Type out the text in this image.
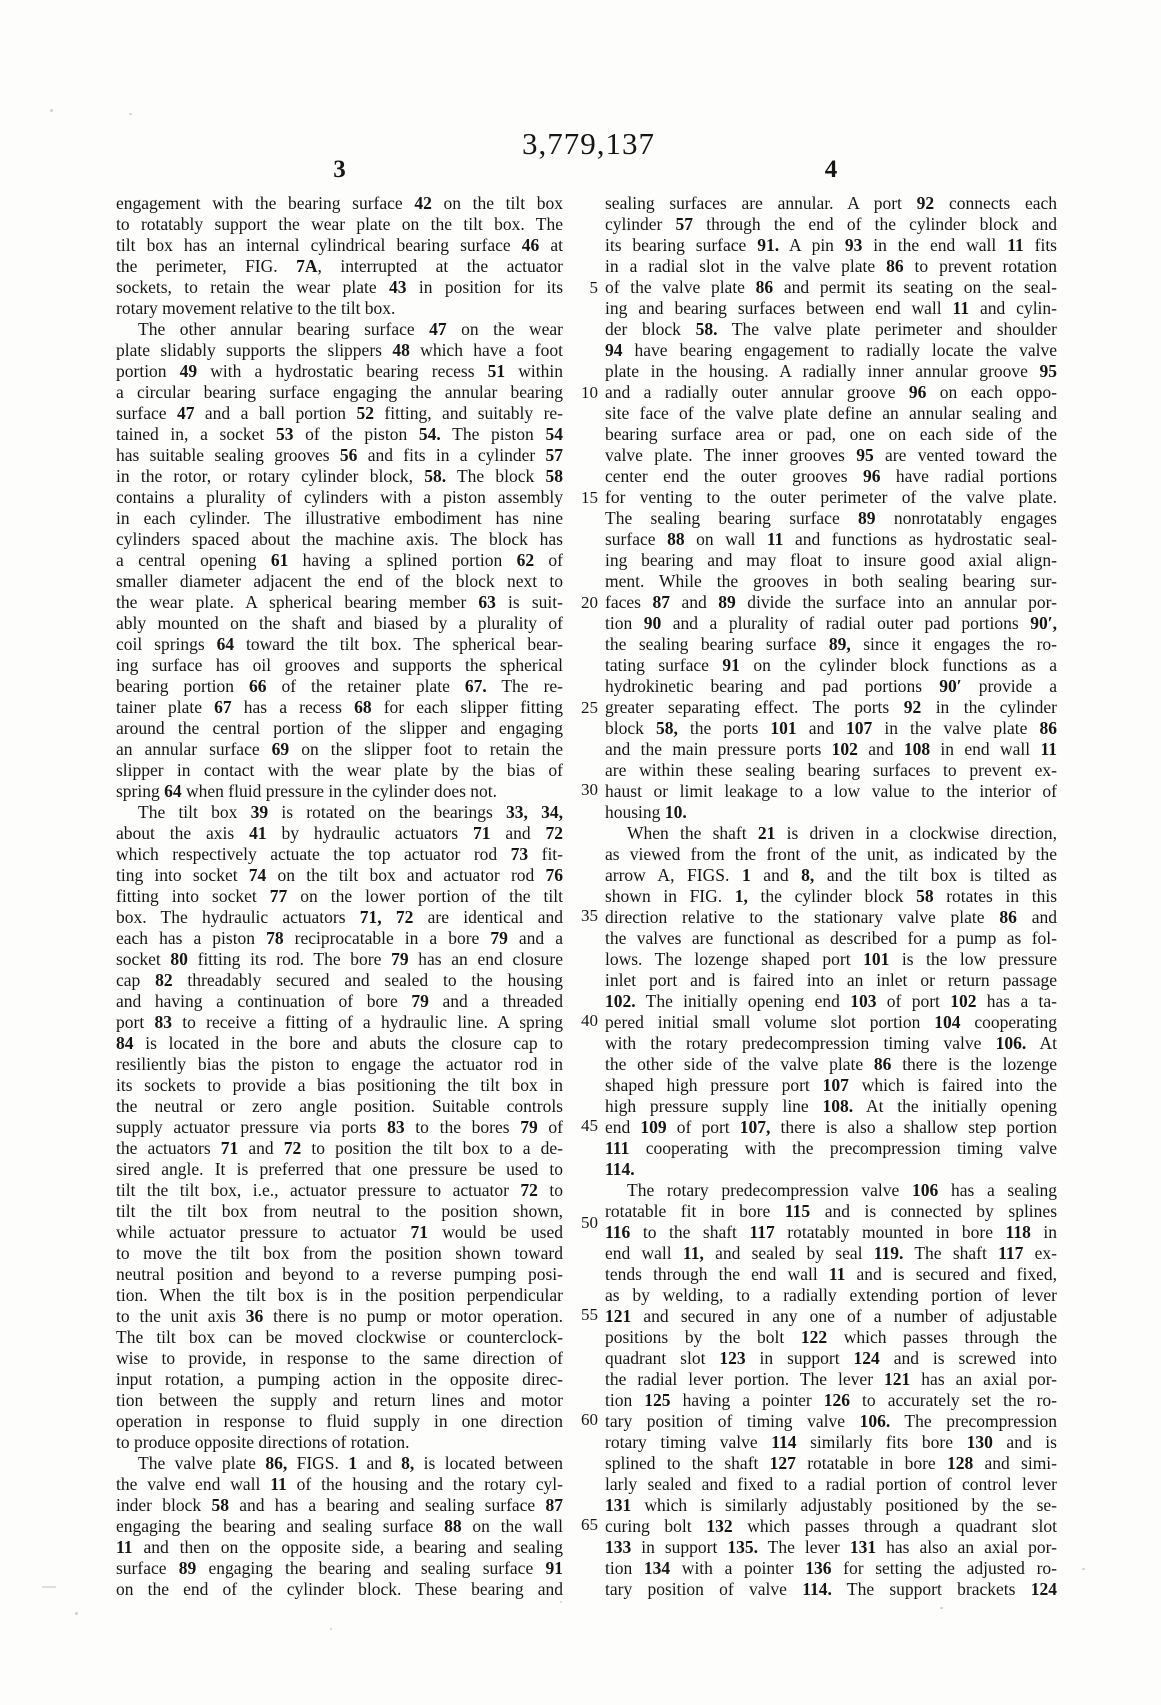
3,779,137
3	4
engagement with the bearing surface 42 on the tilt box
to rotatably support the wear plate on the tilt box. The
tilt box has an internal cylindrical bearing surface 46 at
the perimeter, FIG. 7A, interrupted at the actuator
sockets, to retain the wear plate 43 in position for its
rotary movement relative to the tilt box.
The other annular bearing surface 47 on the wear
plate slidably supports the slippers 48 which have a foot
portion 49 with a hydrostatic bearing recess 51 within
a circular bearing surface engaging the annular bearing
surface 47 and a ball portion 52 fitting, and suitably re-
tained in, a socket 53 of the piston 54. The piston 54
has suitable sealing grooves 56 and fits in a cylinder 57
in the rotor, or rotary cylinder block, 58. The block 58
contains a plurality of cylinders with a piston assembly
in each cylinder. The illustrative embodiment has nine
cylinders spaced about the machine axis. The block has
a central opening 61 having a splined portion 62 of
smaller diameter adjacent the end of the block next to
the wear plate. A spherical bearing member 63 is suit-
ably mounted on the shaft and biased by a plurality of
coil springs 64 toward the tilt box. The spherical bear-
ing surface has oil grooves and supports the spherical
bearing portion 66 of the retainer plate 67. The re-
tainer plate 67 has a recess 68 for each slipper fitting
around the central portion of the slipper and engaging
an annular surface 69 on the slipper foot to retain the
slipper in contact with the wear plate by the bias of
spring 64 when fluid pressure in the cylinder does not.
The tilt box 39 is rotated on the bearings 33, 34,
about the axis 41 by hydraulic actuators 71 and 72
which respectively actuate the top actuator rod 73 fit-
ting into socket 74 on the tilt box and actuator rod 76
fitting into socket 77 on the lower portion of the tilt
box. The hydraulic actuators 71, 72 are identical and
each has a piston 78 reciprocatable in a bore 79 and a
socket 80 fitting its rod. The bore 79 has an end closure
cap 82 threadably secured and sealed to the housing
and having a continuation of bore 79 and a threaded
port 83 to receive a fitting of a hydraulic line. A spring
84 is located in the bore and abuts the closure cap to
resiliently bias the piston to engage the actuator rod in
its sockets to provide a bias positioning the tilt box in
the neutral or zero angle position. Suitable controls
supply actuator pressure via ports 83 to the bores 79 of
the actuators 71 and 72 to position the tilt box to a de-
sired angle. It is preferred that one pressure be used to
tilt the tilt box, i.e., actuator pressure to actuator 72 to
tilt the tilt box from neutral to the position shown,
while actuator pressure to actuator 71 would be used
to move the tilt box from the position shown toward
neutral position and beyond to a reverse pumping posi-
tion. When the tilt box is in the position perpendicular
to the unit axis 36 there is no pump or motor operation.
The tilt box can be moved clockwise or counterclock-
wise to provide, in response to the same direction of
input rotation, a pumping action in the opposite direc-
tion between the supply and return lines and motor
operation in response to fluid supply in one direction
to produce opposite directions of rotation.
The valve plate 86, FIGS. 1 and 8, is located between
the valve end wall 11 of the housing and the rotary cyl-
inder block 58 and has a bearing and sealing surface 87
engaging the bearing and sealing surface 88 on the wall
11 and then on the opposite side, a bearing and sealing
surface 89 engaging the bearing and sealing surface 91
on the end of the cylinder block. These bearing and
5
10
15
20
25
30
35
40
45
50
55
60
65
sealing surfaces are annular. A port 92 connects each
cylinder 57 through the end of the cylinder block and
its bearing surface 91. A pin 93 in the end wall 11 fits
in a radial slot in the valve plate 86 to prevent rotation
of the valve plate 86 and permit its seating on the seal-
ing and bearing surfaces between end wall 11 and cylin-
der block 58. The valve plate perimeter and shoulder
94 have bearing engagement to radially locate the valve
plate in the housing. A radially inner annular groove 95
and a radially outer annular groove 96 on each oppo-
site face of the valve plate define an annular sealing and
bearing surface area or pad, one on each side of the
valve plate. The inner grooves 95 are vented toward the
center end the outer grooves 96 have radial portions
for venting to the outer perimeter of the valve plate.
The sealing bearing surface 89 nonrotatably engages
surface 88 on wall 11 and functions as hydrostatic seal-
ing bearing and may float to insure good axial align-
ment. While the grooves in both sealing bearing sur-
faces 87 and 89 divide the surface into an annular por-
tion 90 and a plurality of radial outer pad portions 90′,
the sealing bearing surface 89, since it engages the ro-
tating surface 91 on the cylinder block functions as a
hydrokinetic bearing and pad portions 90′ provide a
greater separating effect. The ports 92 in the cylinder
block 58, the ports 101 and 107 in the valve plate 86
and the main pressure ports 102 and 108 in end wall 11
are within these sealing bearing surfaces to prevent ex-
haust or limit leakage to a low value to the interior of
housing 10.
When the shaft 21 is driven in a clockwise direction,
as viewed from the front of the unit, as indicated by the
arrow A, FIGS. 1 and 8, and the tilt box is tilted as
shown in FIG. 1, the cylinder block 58 rotates in this
direction relative to the stationary valve plate 86 and
the valves are functional as described for a pump as fol-
lows. The lozenge shaped port 101 is the low pressure
inlet port and is faired into an inlet or return passage
102. The initially opening end 103 of port 102 has a ta-
pered initial small volume slot portion 104 cooperating
with the rotary predecompression timing valve 106. At
the other side of the valve plate 86 there is the lozenge
shaped high pressure port 107 which is faired into the
high pressure supply line 108. At the initially opening
end 109 of port 107, there is also a shallow step portion
111 cooperating with the precompression timing valve
114.
The rotary predecompression valve 106 has a sealing
rotatable fit in bore 115 and is connected by splines
116 to the shaft 117 rotatably mounted in bore 118 in
end wall 11, and sealed by seal 119. The shaft 117 ex-
tends through the end wall 11 and is secured and fixed,
as by welding, to a radially extending portion of lever
121 and secured in any one of a number of adjustable
positions by the bolt 122 which passes through the
quadrant slot 123 in support 124 and is screwed into
the radial lever portion. The lever 121 has an axial por-
tion 125 having a pointer 126 to accurately set the ro-
tary position of timing valve 106. The precompression
rotary timing valve 114 similarly fits bore 130 and is
splined to the shaft 127 rotatable in bore 128 and simi-
larly sealed and fixed to a radial portion of control lever
131 which is similarly adjustably positioned by the se-
curing bolt 132 which passes through a quadrant slot
133 in support 135. The lever 131 has also an axial por-
tion 134 with a pointer 136 for setting the adjusted ro-
tary position of valve 114. The support brackets 124
